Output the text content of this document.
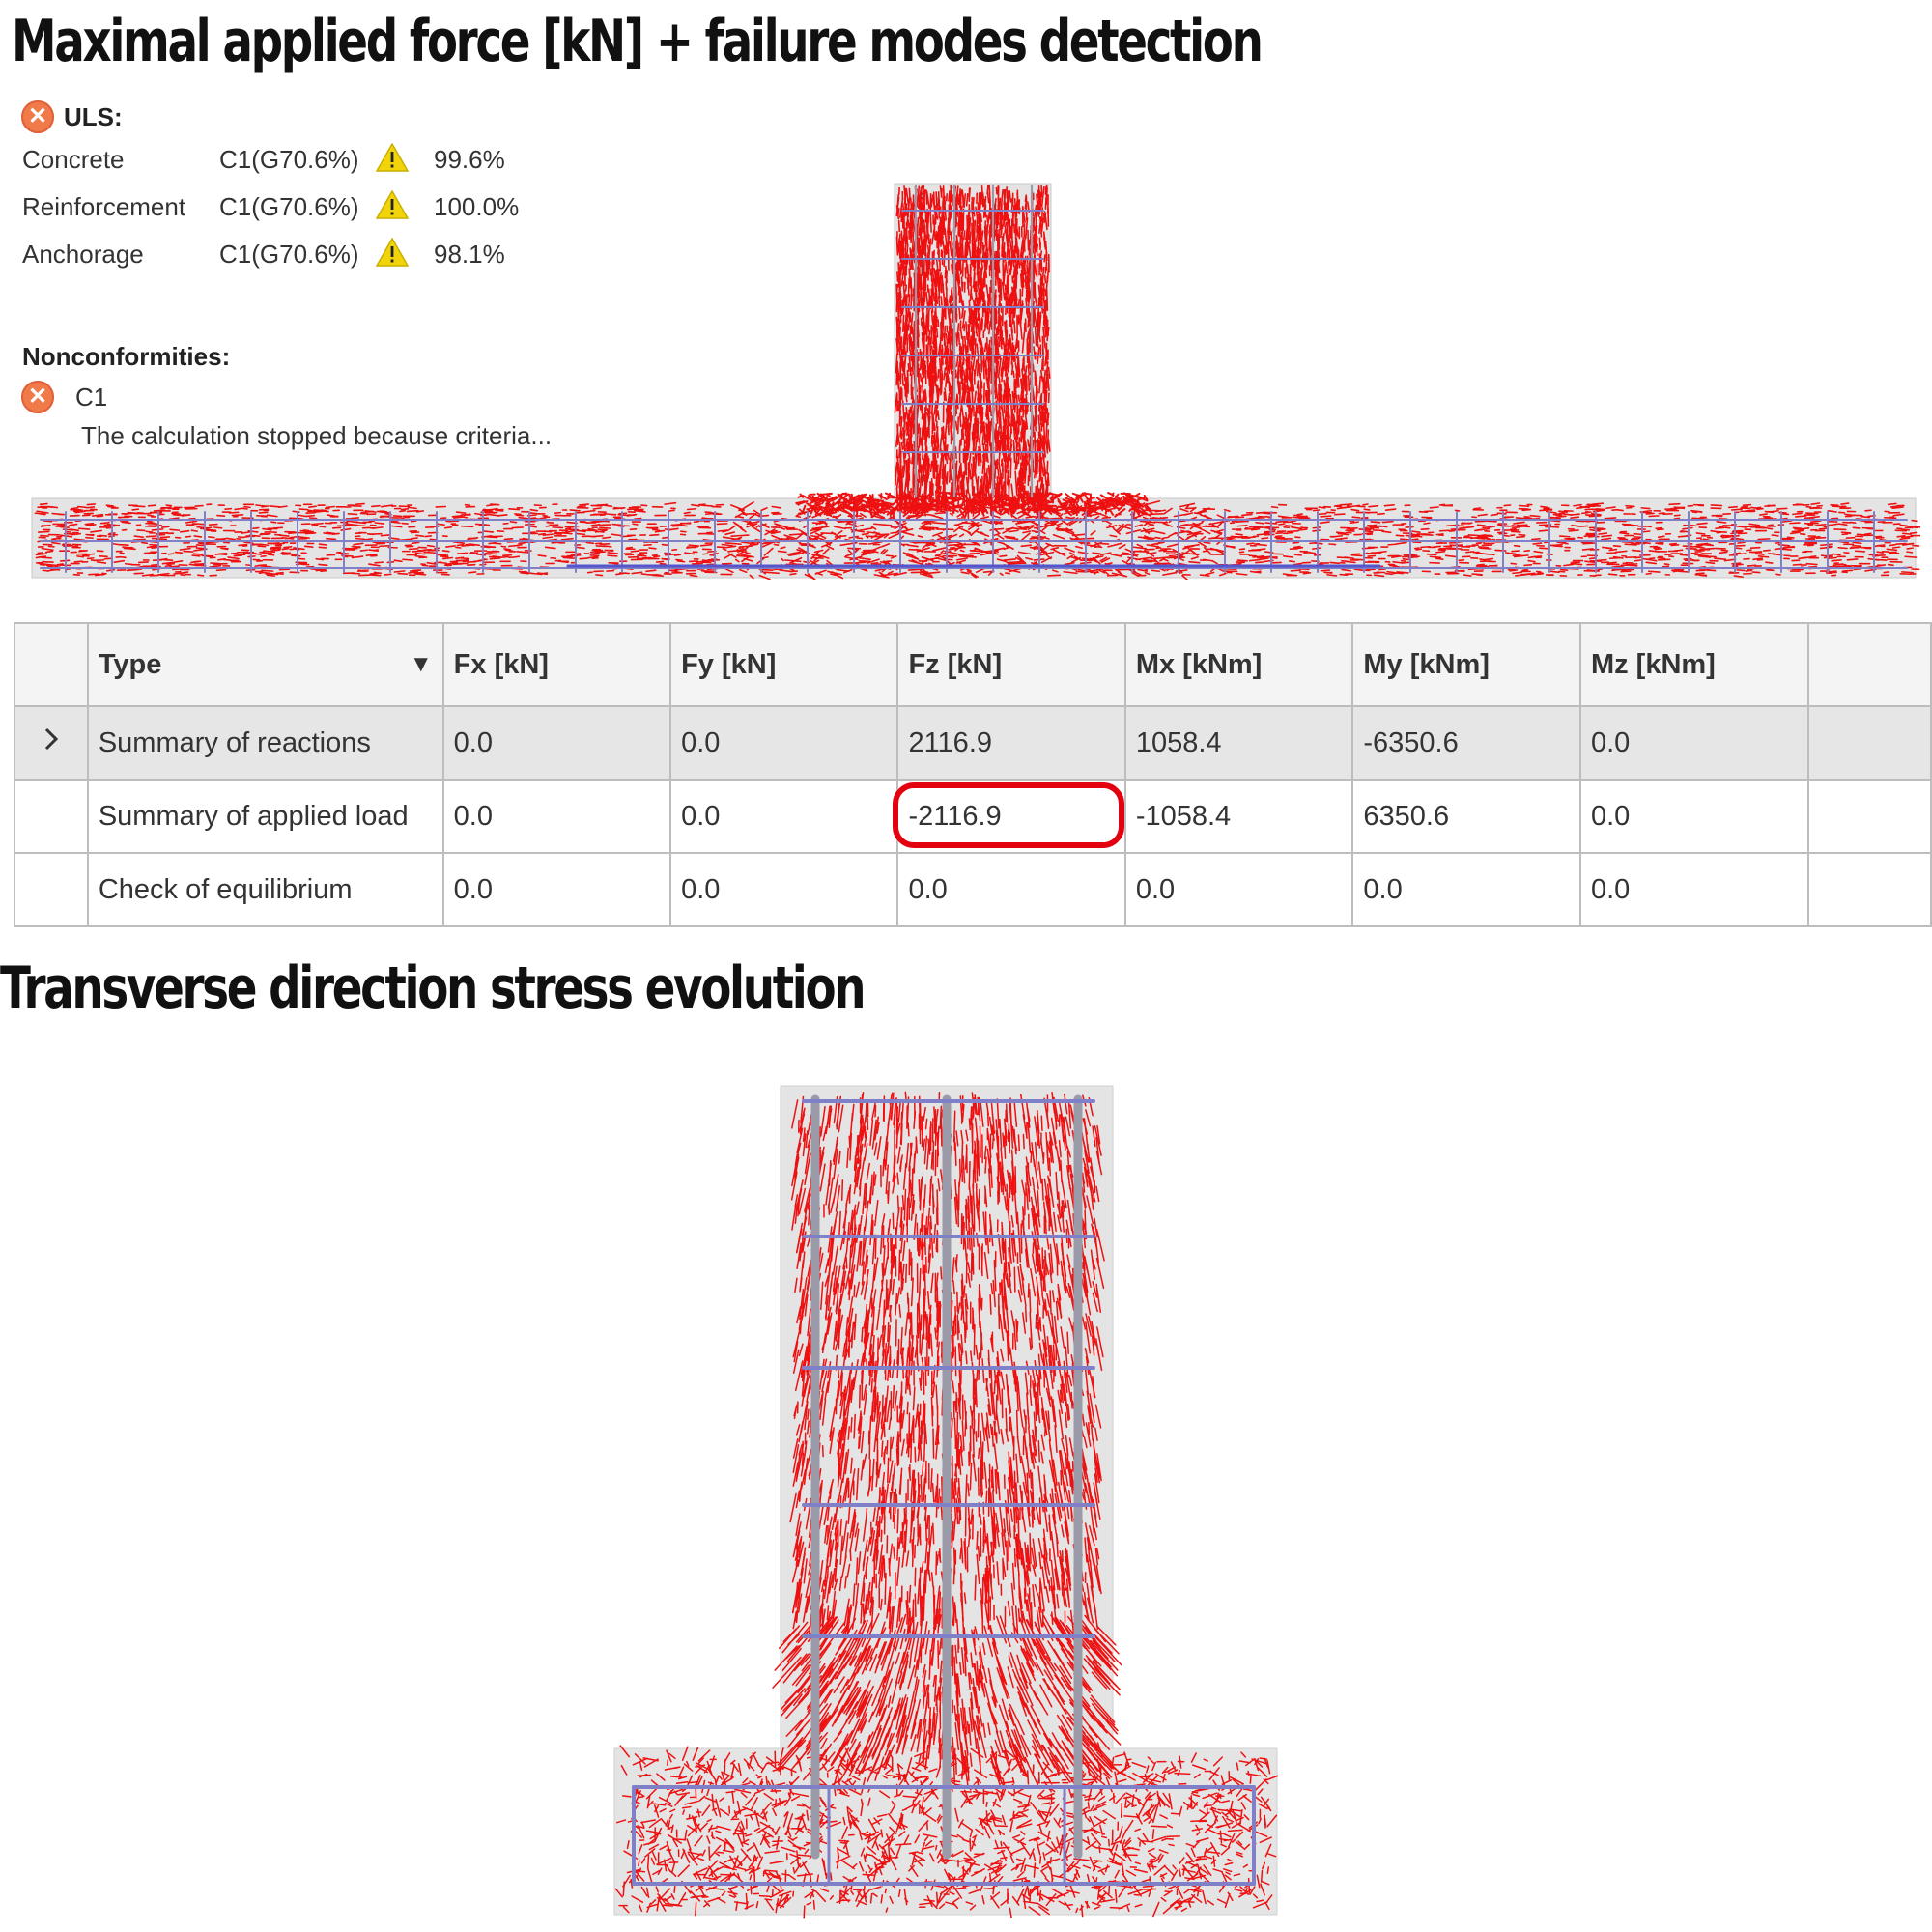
Maximal applied force [kN] + failure modes detection
✕ ULS:
Concrete	C1(G70.6%)	99.6%
Reinforcement C1(G70.6%)	100.0%
Anchorage	C1(G70.6%)	98.1%
Nonconformities:
✕ C1
The calculation stopped because criteria...

	Type ▼	Fx [kN]	Fy [kN]	Fz [kN]	Mx [kNm]	My [kNm]	Mz [kNm]	
	Summary of reactions	0.0	0.0	2116.9	1058.4	-6350.6	0.0	
	Summary of applied load	0.0	0.0	-2116.9	-1058.4	6350.6	0.0	
	Check of equilibrium	0.0	0.0	0.0	0.0	0.0	0.0	
Transverse direction stress evolution
